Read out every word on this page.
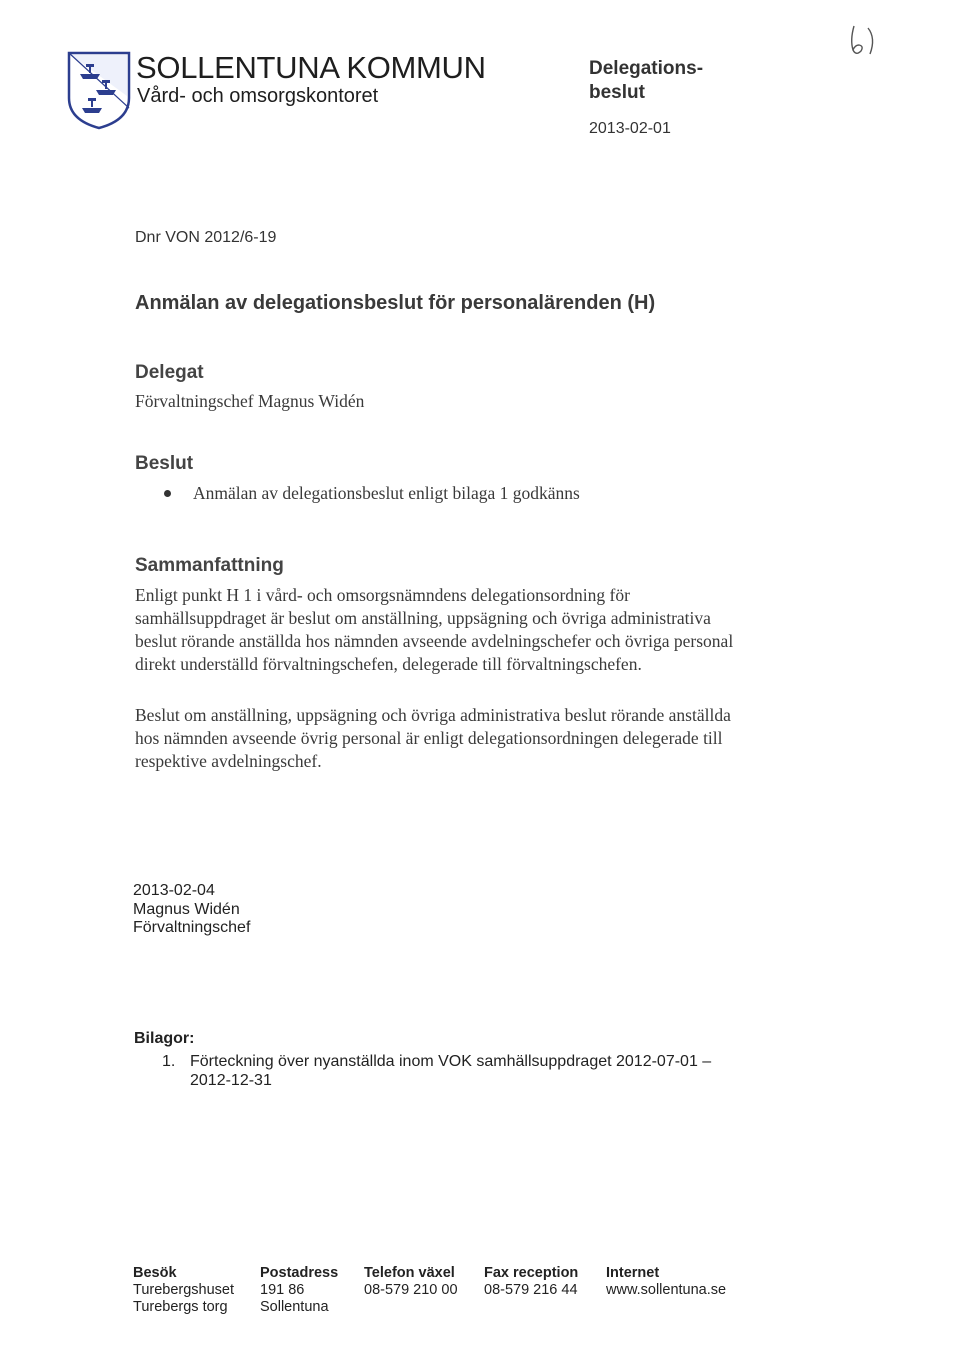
SOLLENTUNA KOMMUN
Vård- och omsorgskontoret
Delegations-
beslut
2013-02-01
Dnr VON 2012/6-19
Anmälan av delegationsbeslut för personalärenden (H)
Delegat
Förvaltningschef Magnus Widén
Beslut
Anmälan av delegationsbeslut enligt bilaga 1 godkänns
Sammanfattning
Enligt punkt H 1 i vård- och omsorgsnämndens delegationsordning för samhällsuppdraget är beslut om anställning, uppsägning och övriga administrativa beslut rörande anställda hos nämnden avseende avdelningschefer och övriga personal direkt underställd förvaltningschefen, delegerade till förvaltningschefen.
Beslut om anställning, uppsägning och övriga administrativa beslut rörande anställda hos nämnden avseende övrig personal är enligt delegationsordningen delegerade till respektive avdelningschef.
2013-02-04
Magnus Widén
Förvaltningschef
Bilagor:
1. Förteckning över nyanställda inom VOK samhällsuppdraget 2012-07-01 – 2012-12-31
Besök
Turebergshuset
Turebergs torg
Postadress
191 86
Sollentuna
Telefon växel
08-579 210 00
Fax reception
08-579 216 44
Internet
www.sollentuna.se
